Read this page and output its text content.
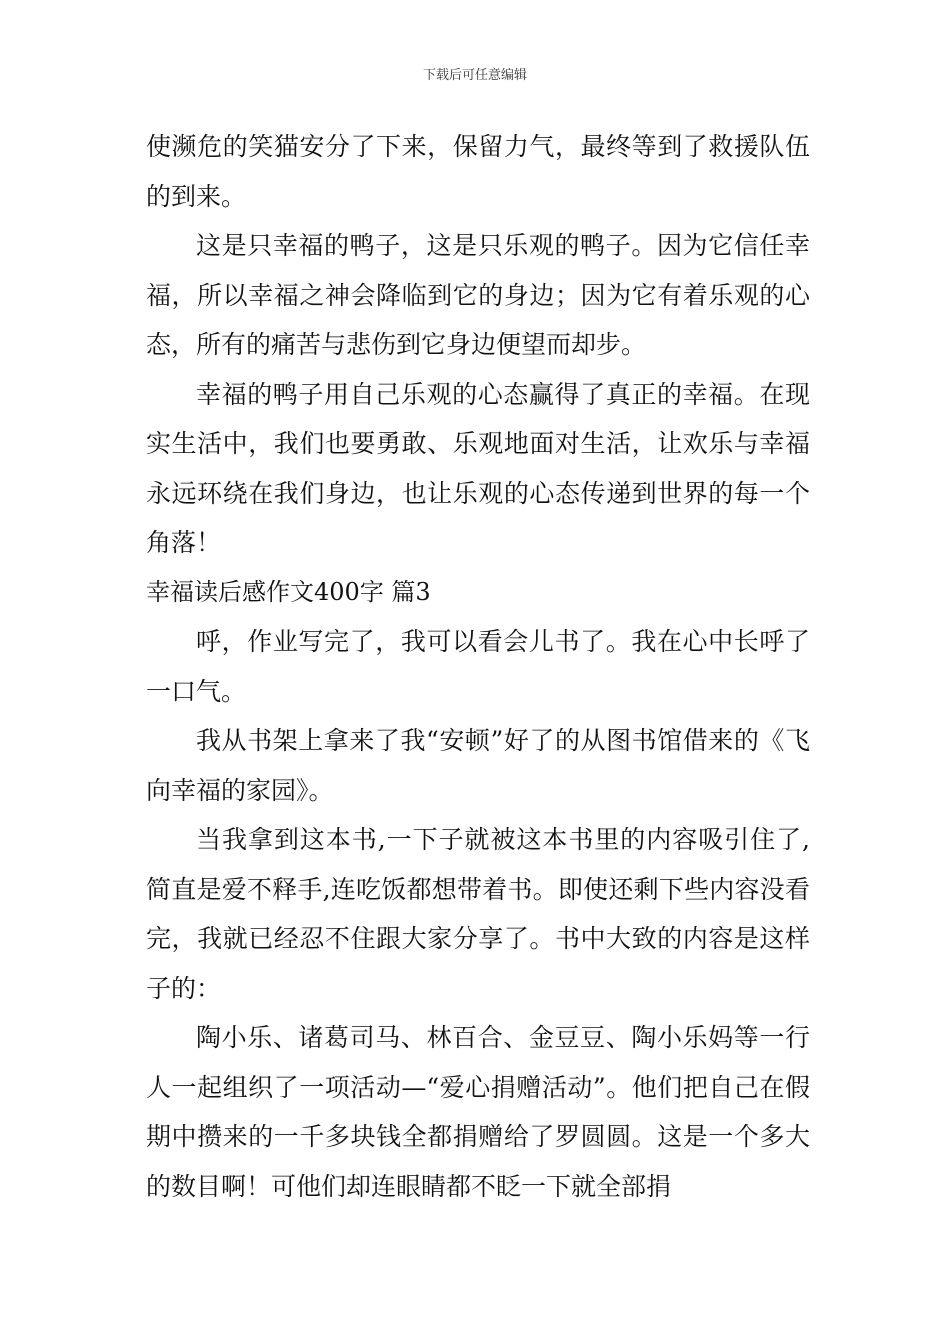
下载后可任意编辑

使濒危的笑猫安分了下来，保留力气，最终等到了救援队伍的到来。

这是只幸福的鸭子，这是只乐观的鸭子。因为它信任幸福，所以幸福之神会降临到它的身边；因为它有着乐观的心态，所有的痛苦与悲伤到它身边便望而却步。

幸福的鸭子用自己乐观的心态赢得了真正的幸福。在现实生活中，我们也要勇敢、乐观地面对生活，让欢乐与幸福永远环绕在我们身边，也让乐观的心态传递到世界的每一个角落！

幸福读后感作文400字 篇3

呼，作业写完了，我可以看会儿书了。我在心中长呼了一口气。

我从书架上拿来了我“安顿”好了的从图书馆借来的《飞向幸福的家园》。

当我拿到这本书,一下子就被这本书里的内容吸引住了,简直是爱不释手,连吃饭都想带着书。即使还剩下些内容没看完，我就已经忍不住跟大家分享了。书中大致的内容是这样子的：

陶小乐、诸葛司马、林百合、金豆豆、陶小乐妈等一行人一起组织了一项活动—“爱心捐赠活动”。他们把自己在假期中攒来的一千多块钱全都捐赠给了罗圆圆。这是一个多大的数目啊！可他们却连眼睛都不眨一下就全部捐
